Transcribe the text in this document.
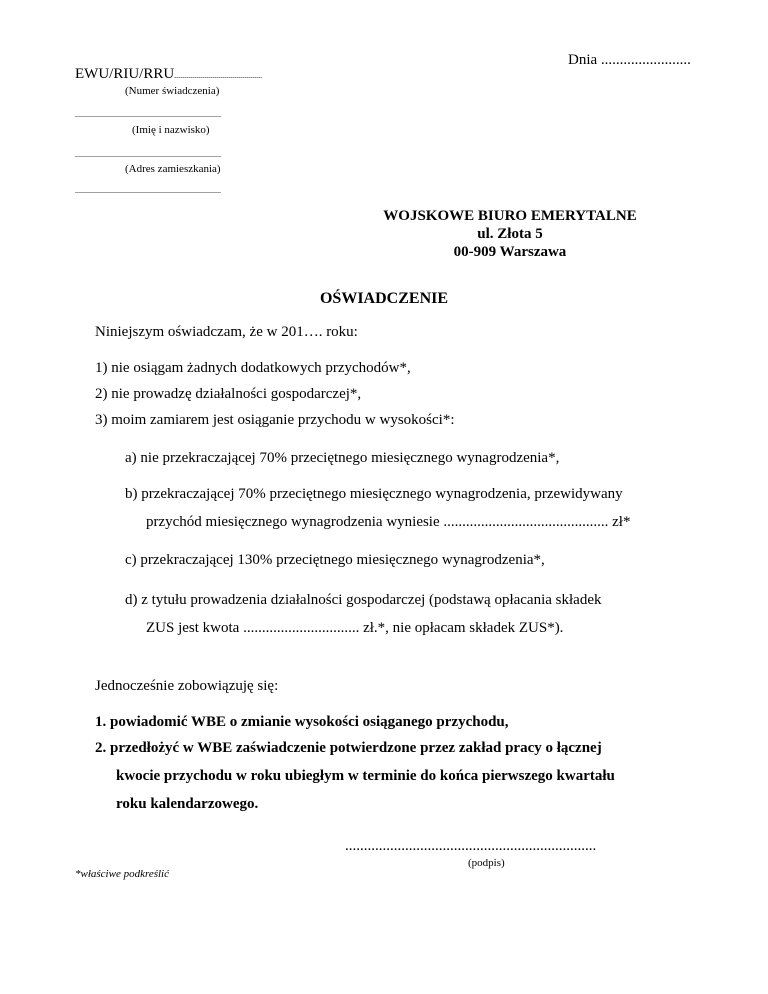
Dnia ........................
EWU/RIU/RRU............................................
(Numer świadczenia)
.........................................................................
(Imię i nazwisko)
.........................................................................
(Adres zamieszkania)
.........................................................................
WOJSKOWE BIURO EMERYTALNE
ul. Złota 5
00-909 Warszawa
OŚWIADCZENIE
Niniejszym oświadczam, że w 201…. roku:
1) nie osiągam żadnych dodatkowych przychodów*,
2) nie prowadzę działalności gospodarczej*,
3) moim zamiarem jest osiąganie przychodu w wysokości*:
a) nie przekraczającej 70% przeciętnego miesięcznego wynagrodzenia*,
b) przekraczającej 70% przeciętnego miesięcznego wynagrodzenia, przewidywany
przychód miesięcznego wynagrodzenia wyniesie ............................................ zł*
c) przekraczającej 130% przeciętnego miesięcznego wynagrodzenia*,
d) z tytułu prowadzenia działalności gospodarczej (podstawą opłacania składek
ZUS jest kwota ............................... zł.*, nie opłacam składek ZUS*).
Jednocześnie zobowiązuję się:
1. powiadomić WBE o zmianie wysokości osiąganego przychodu,
2. przedłożyć w WBE zaświadczenie potwierdzone przez zakład pracy o łącznej
kwocie przychodu w roku ubiegłym w terminie do końca pierwszego kwartału
roku kalendarzowego.
...................................................................
(podpis)
*właściwe podkreślić
